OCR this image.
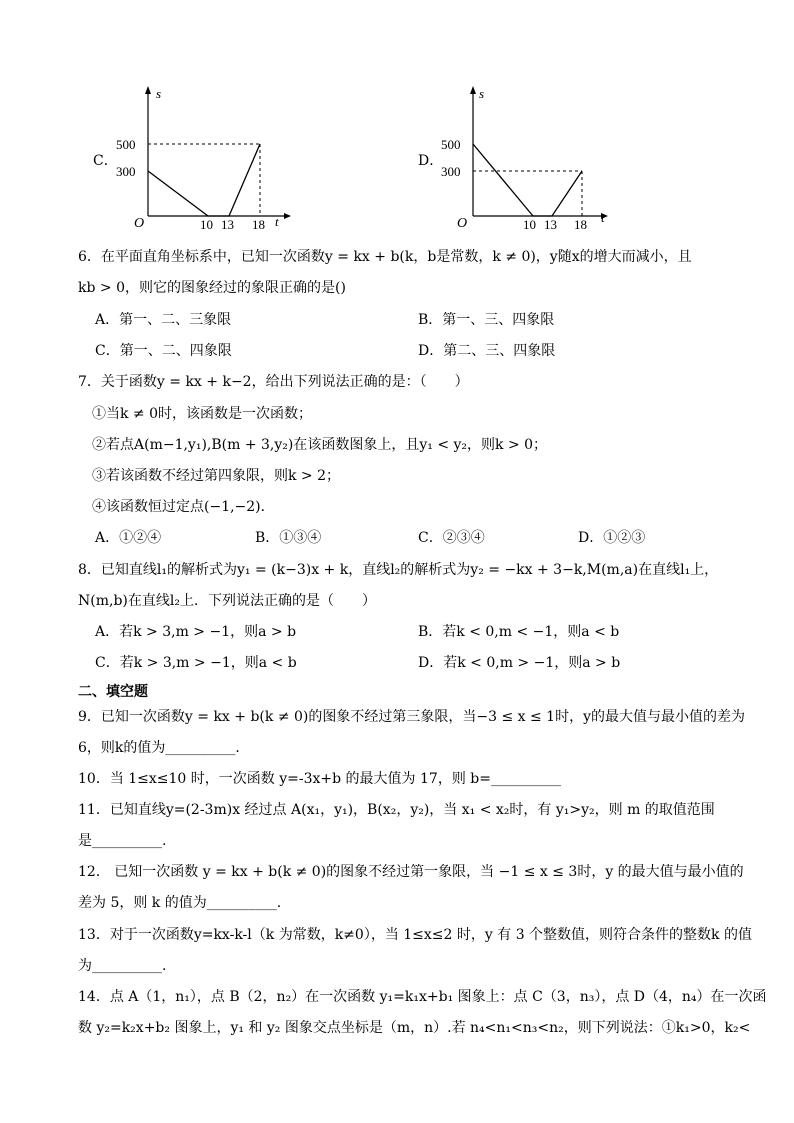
C．
s
t
O
500
300
10 13 18
D．
s
t
O
500
300
10 13 18
6．在平面直角坐标系中，已知一次函数y = kx + b(k，b是常数，k ≠ 0)，y随x的增大而减小，且
kb > 0，则它的图象经过的象限正确的是()
A．第一、二、三象限	B．第一、三、四象限
C．第一、二、四象限	D．第二、三、四象限
7．关于函数y = kx + k−2，给出下列说法正确的是：（　　）
①当k ≠ 0时，该函数是一次函数；
②若点A(m−1,y₁),B(m + 3,y₂)在该函数图象上，且y₁ < y₂，则k > 0；
③若该函数不经过第四象限，则k > 2；
④该函数恒过定点(−1,−2)．
A．①②④	B．①③④	C．②③④	D．①②③
8．已知直线l₁的解析式为y₁ = (k−3)x + k，直线l₂的解析式为y₂ = −kx + 3−k,M(m,a)在直线l₁上，
N(m,b)在直线l₂上．下列说法正确的是（　　）
A．若k > 3,m > −1，则a > b	B．若k < 0,m < −1，则a < b
C．若k > 3,m > −1，则a < b	D．若k < 0,m > −1，则a > b
二、填空题
9．已知一次函数y = kx + b(k ≠ 0)的图象不经过第三象限，当−3 ≤ x ≤ 1时，y的最大值与最小值的差为
6，则k的值为__________．
10．当 1≤x≤10 时，一次函数 y=-3x+b 的最大值为 17，则 b=__________
11．已知直线y=(2-3m)x 经过点 A(x₁，y₁)，B(x₂，y₂)，当 x₁ < x₂时，有 y₁>y₂，则 m 的取值范围
是__________.
12． 已知一次函数 y = kx + b(k ≠ 0)的图象不经过第一象限，当 −1 ≤ x ≤ 3时，y 的最大值与最小值的
差为 5，则 k 的值为__________.
13．对于一次函数y=kx-k-l（k 为常数，k≠0），当 1≤x≤2 时，y 有 3 个整数值，则符合条件的整数k 的值
为__________.
14．点 A（1，n₁），点 B（2，n₂）在一次函数 y₁=k₁x+b₁ 图象上：点 C（3，n₃），点 D（4，n₄）在一次函
数 y₂=k₂x+b₂ 图象上，y₁ 和 y₂ 图象交点坐标是（m，n）.若 n₄<n₁<n₃<n₂，则下列说法：①k₁>0，k₂<
